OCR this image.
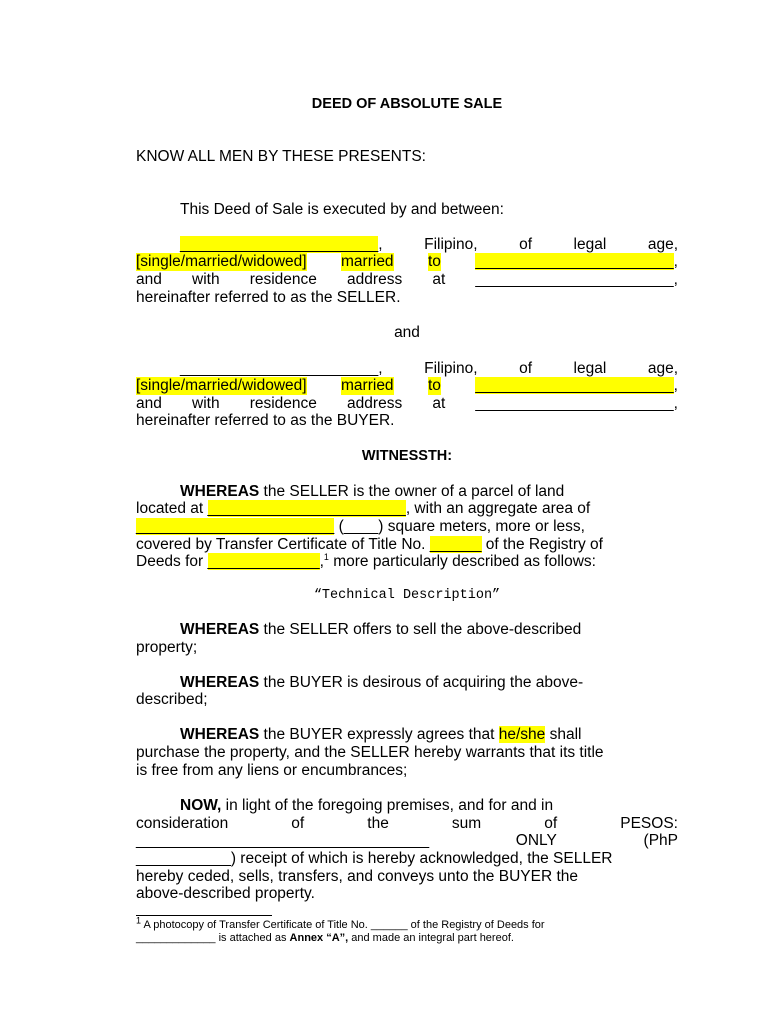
DEED OF ABSOLUTE SALE
KNOW ALL MEN BY THESE PRESENTS:
This Deed of Sale is executed by and between:
_______________________,	Filipino,	of	legal	age,
[single/married/widowed] married to _______________________,
and with residence address at _______________________,
hereinafter referred to as the SELLER.
and
_______________________,	Filipino,	of	legal	age,
[single/married/widowed] married to _______________________,
and with residence address at _______________________,
hereinafter referred to as the BUYER.
WITNESSTH:
WHEREAS the SELLER is the owner of a parcel of land
located at _______________________, with an aggregate area of
_______________________ (____) square meters, more or less,
covered by Transfer Certificate of Title No. ______ of the Registry of
Deeds for _____________,$^1$ more particularly described as follows:
“Technical Description”
WHEREAS the SELLER offers to sell the above-described
property;
WHEREAS the BUYER is desirous of acquiring the above-
described;
WHEREAS the BUYER expressly agrees that he/she shall
purchase the property, and the SELLER hereby warrants that its title
is free from any liens or encumbrances;
NOW, in light of the foregoing premises, and for and in
consideration	of	the	sum	of	PESOS:
__________________________________	ONLY	(PhP
___________) receipt of which is hereby acknowledged, the SELLER
hereby ceded, sells, transfers, and conveys unto the BUYER the
above-described property.
$^1$ A photocopy of Transfer Certificate of Title No. ______ of the Registry of Deeds for
_____________ is attached as Annex “A”, and made an integral part hereof.
